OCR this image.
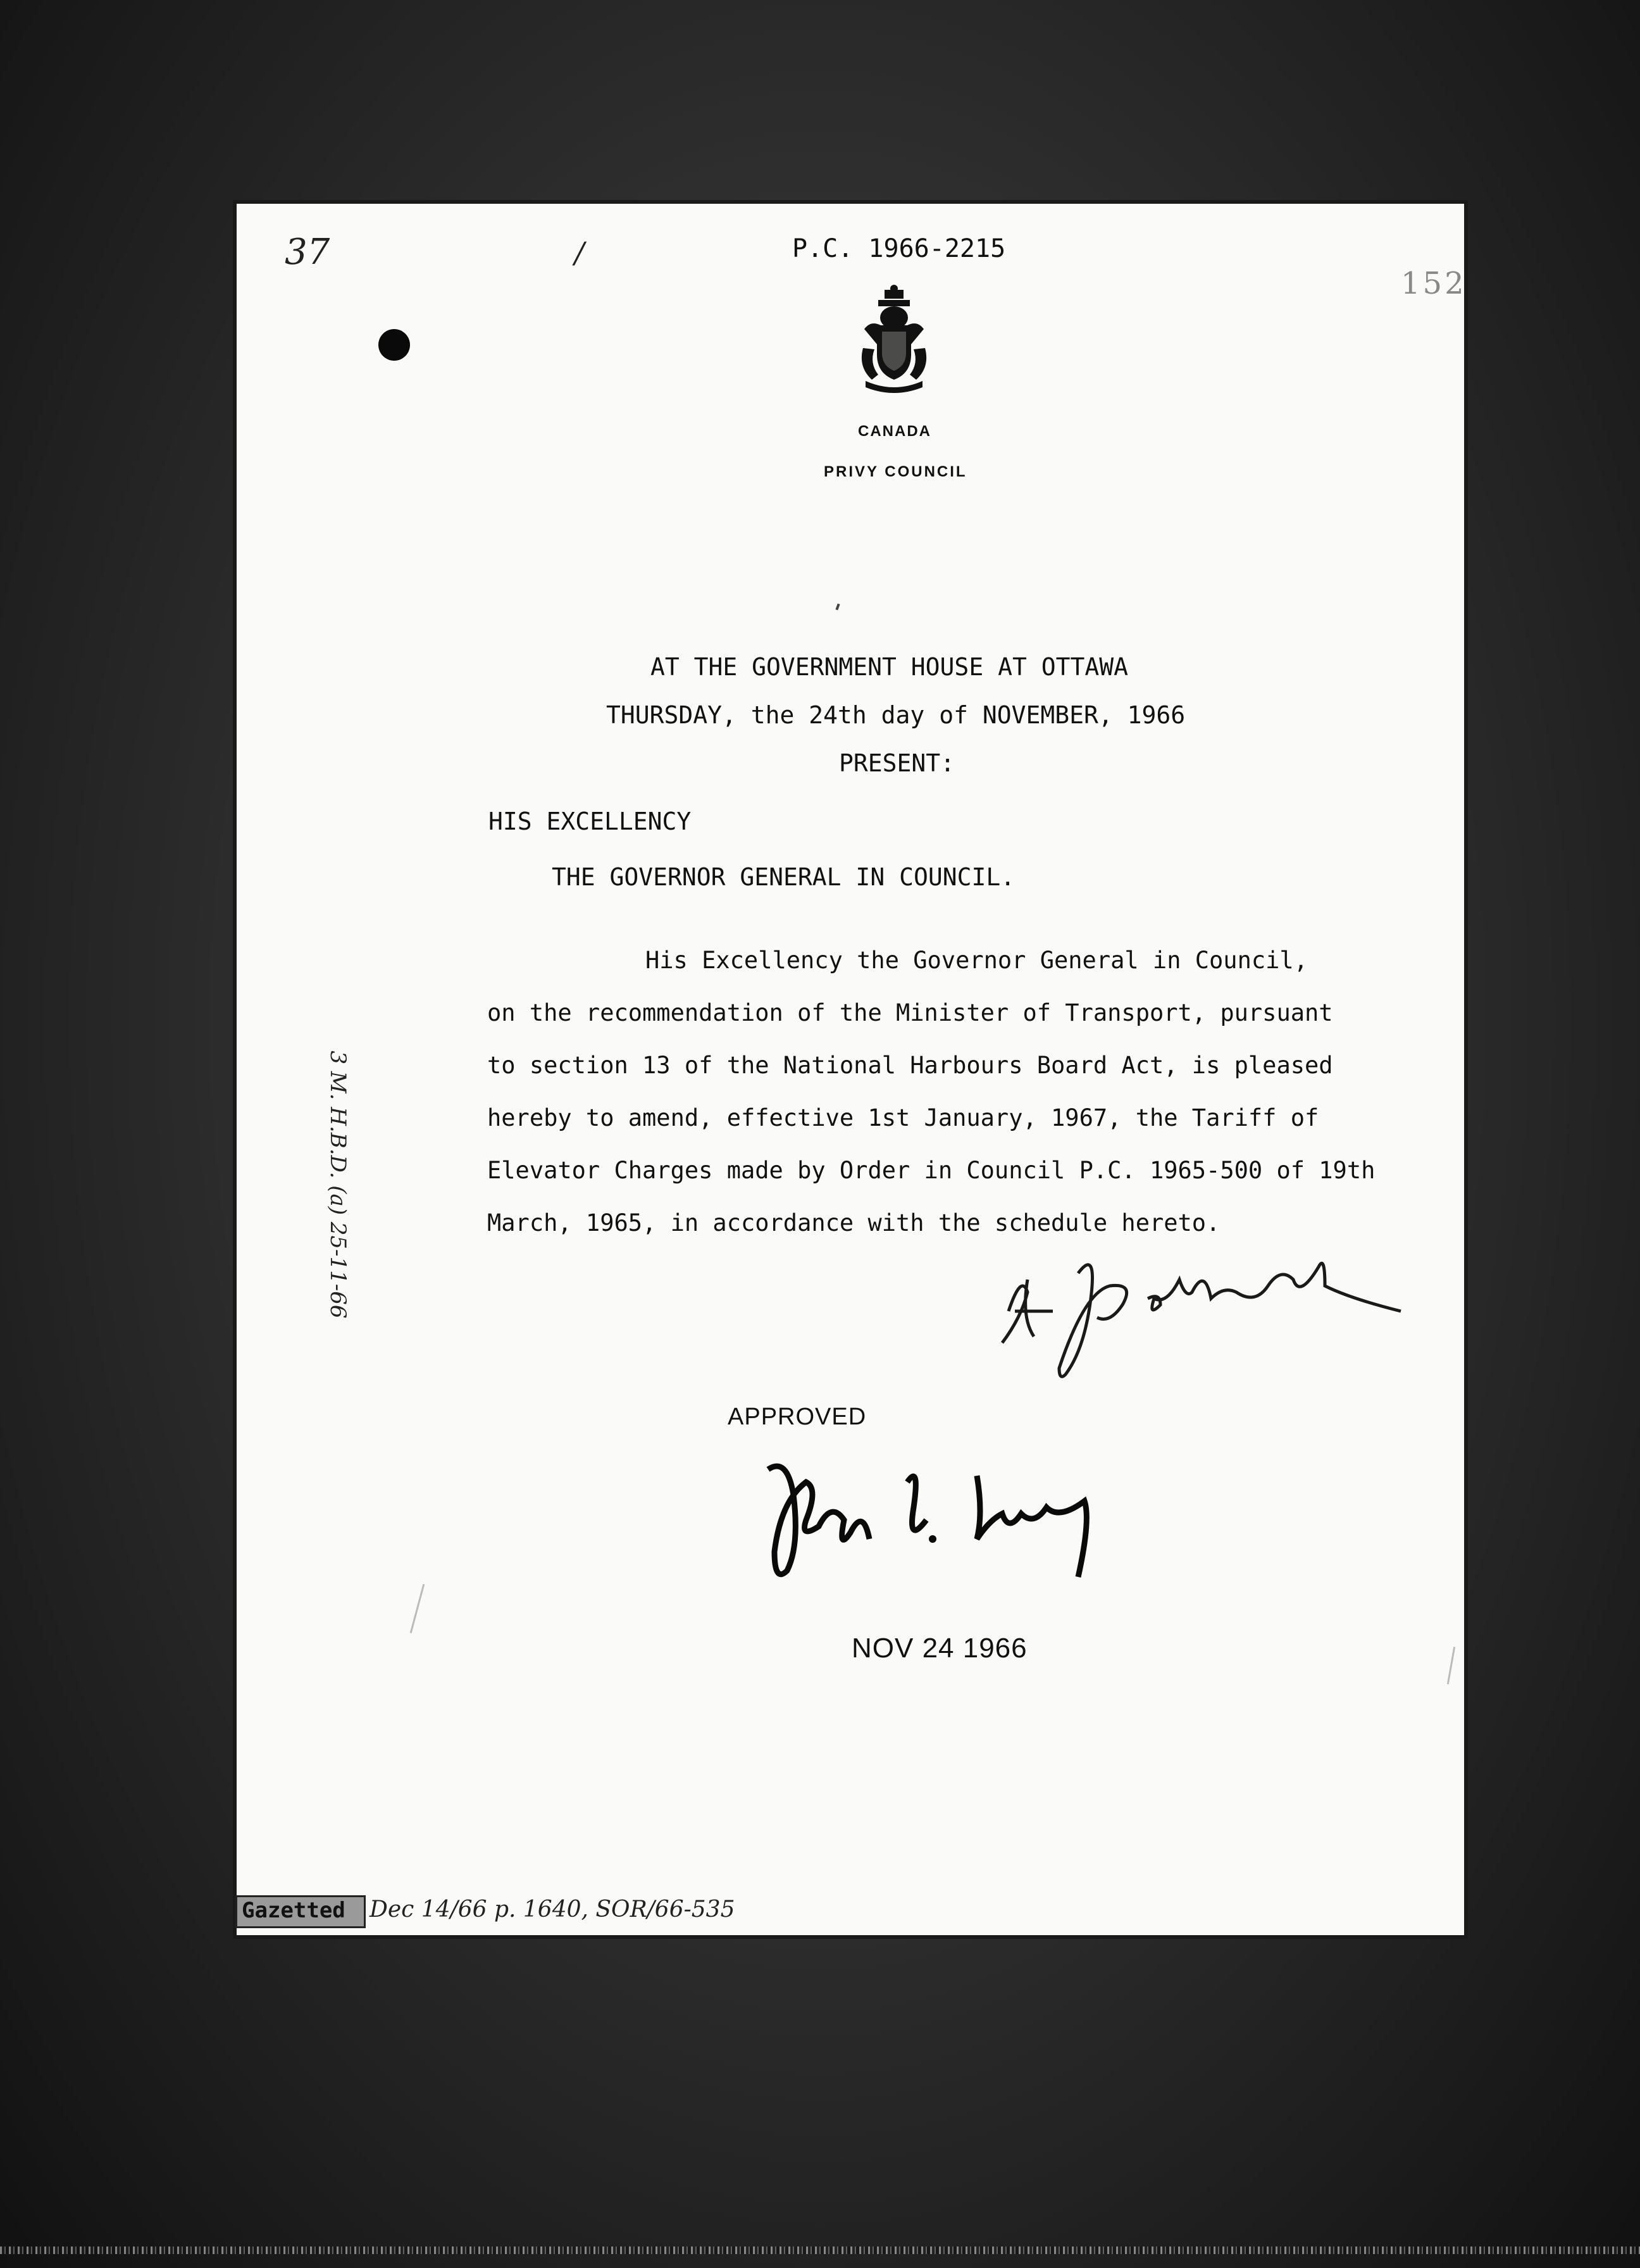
37	/	P.C. 1966-2215
152
CANADA
PRIVY COUNCIL
AT THE GOVERNMENT HOUSE AT OTTAWA
THURSDAY, the 24th day of NOVEMBER, 1966
PRESENT:
HIS EXCELLENCY
THE GOVERNOR GENERAL IN COUNCIL.
3 M. H.B.D. (a) 25-11-66
His Excellency the Governor General in Council,
on the recommendation of the Minister of Transport, pursuant
to section 13 of the National Harbours Board Act, is pleased
hereby to amend, effective 1st January, 1967, the Tariff of
Elevator Charges made by Order in Council P.C. 1965-500 of 19th
March, 1965, in accordance with the schedule hereto.
APPROVED
NOV 24 1966
Gazetted Dec 14/66 p. 1640, SOR/66-535
